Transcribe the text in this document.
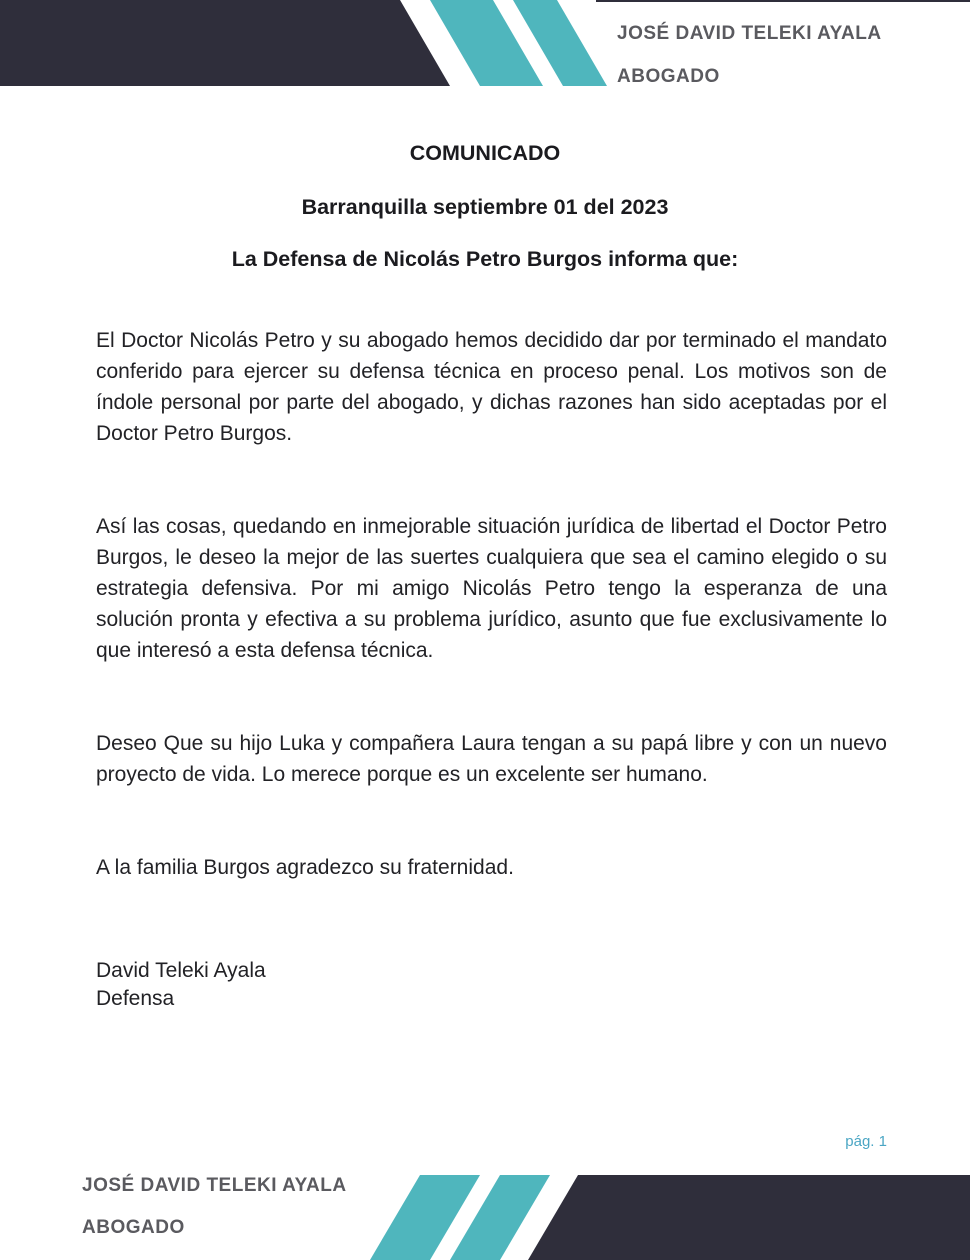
JOSÉ DAVID TELEKI AYALA
ABOGADO
COMUNICADO
Barranquilla septiembre 01 del 2023
La Defensa de Nicolás Petro Burgos informa que:

El Doctor Nicolás Petro y su abogado hemos decidido dar por terminado el mandato conferido para ejercer su defensa técnica en proceso penal. Los motivos son de índole personal por parte del abogado, y dichas razones han sido aceptadas por el Doctor Petro Burgos.

Así las cosas, quedando en inmejorable situación jurídica de libertad el Doctor Petro Burgos, le deseo la mejor de las suertes cualquiera que sea el camino elegido o su estrategia defensiva. Por mi amigo Nicolás Petro tengo la esperanza de una solución pronta y efectiva a su problema jurídico, asunto que fue exclusivamente lo que interesó a esta defensa técnica.

Deseo Que su hijo Luka y compañera Laura tengan a su papá libre y con un nuevo proyecto de vida. Lo merece porque es un excelente ser humano.

A la familia Burgos agradezco su fraternidad.

David Teleki Ayala
Defensa
pág. 1
JOSÉ DAVID TELEKI AYALA
ABOGADO
